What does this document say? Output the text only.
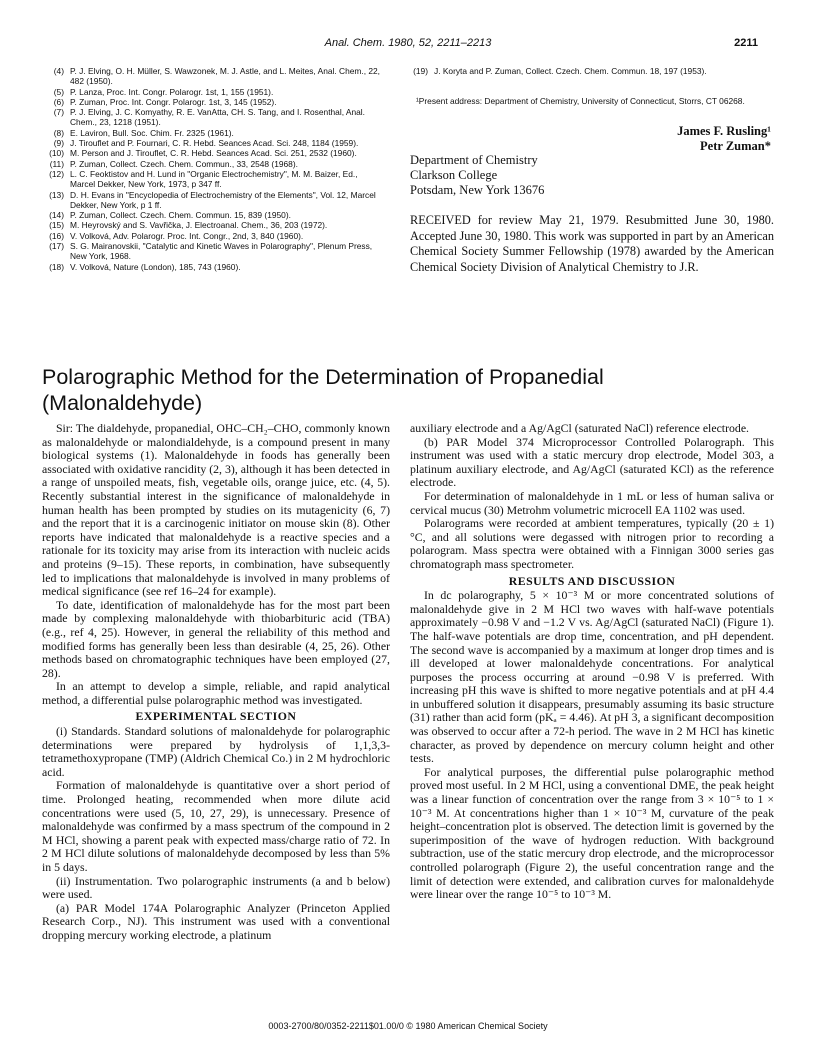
Anal. Chem. 1980, 52, 2211–2213	2211
(4) P. J. Elving, O. H. Müller, S. Wawzonek, M. J. Astle, and L. Meites, Anal. Chem., 22, 482 (1950).
(5) P. Lanza, Proc. Int. Congr. Polarogr. 1st, 1, 155 (1951).
(6) P. Zuman, Proc. Int. Congr. Polarogr. 1st, 3, 145 (1952).
(7) P. J. Elving, J. C. Komyathy, R. E. VanAtta, CH. S. Tang, and I. Rosenthal, Anal. Chem., 23, 1218 (1951).
(8) E. Laviron, Bull. Soc. Chim. Fr. 2325 (1961).
(9) J. Tirouflet and P. Fournari, C. R. Hebd. Seances Acad. Sci. 248, 1184 (1959).
(10) M. Person and J. Tirouflet, C. R. Hebd. Seances Acad. Sci. 251, 2532 (1960).
(11) P. Zuman, Collect. Czech. Chem. Commun., 33, 2548 (1968).
(12) L. C. Feoktistov and H. Lund in "Organic Electrochemistry", M. M. Baizer, Ed., Marcel Dekker, New York, 1973, p 347 ff.
(13) D. H. Evans in "Encyclopedia of Electrochemistry of the Elements", Vol. 12, Marcel Dekker, New York, p 1 ff.
(14) P. Zuman, Collect. Czech. Chem. Commun. 15, 839 (1950).
(15) M. Heyrovský and S. Vavřička, J. Electroanal. Chem., 36, 203 (1972).
(16) V. Volková, Adv. Polarogr. Proc. Int. Congr., 2nd, 3, 840 (1960).
(17) S. G. Mairanovskii, "Catalytic and Kinetic Waves in Polarography", Plenum Press, New York, 1968.
(18) V. Volková, Nature (London), 185, 743 (1960).
(19) J. Koryta and P. Zuman, Collect. Czech. Chem. Commun. 18, 197 (1953).
¹Present address: Department of Chemistry, University of Connecticut, Storrs, CT 06268.
James F. Rusling¹
Petr Zuman*
Department of Chemistry
Clarkson College
Potsdam, New York 13676
RECEIVED for review May 21, 1979. Resubmitted June 30, 1980. Accepted June 30, 1980. This work was supported in part by an American Chemical Society Summer Fellowship (1978) awarded by the American Chemical Society Division of Analytical Chemistry to J.R.
Polarographic Method for the Determination of Propanedial
(Malonaldehyde)

Sir: The dialdehyde, propanedial, OHC–CH₂–CHO, commonly known as malonaldehyde or malondialdehyde, is a compound present in many biological systems (1). Malonaldehyde in foods has generally been associated with oxidative rancidity (2, 3), although it has been detected in a range of unspoiled meats, fish, vegetable oils, orange juice, etc. (4, 5). Recently substantial interest in the significance of malonaldehyde in human health has been prompted by studies on its mutagenicity (6, 7) and the report that it is a carcinogenic initiator on mouse skin (8). Other reports have indicated that malonaldehyde is a reactive species and a rationale for its toxicity may arise from its interaction with nucleic acids and proteins (9–15). These reports, in combination, have subsequently led to implications that malonaldehyde is involved in many problems of medical significance (see ref 16–24 for example).

To date, identification of malonaldehyde has for the most part been made by complexing malonaldehyde with thiobarbituric acid (TBA) (e.g., ref 4, 25). However, in general the reliability of this method and modified forms has generally been less than desirable (4, 25, 26). Other methods based on chromatographic techniques have been employed (27, 28).

In an attempt to develop a simple, reliable, and rapid analytical method, a differential pulse polarographic method was investigated.

EXPERIMENTAL SECTION

(i) Standards. Standard solutions of malonaldehyde for polarographic determinations were prepared by hydrolysis of 1,1,3,3-tetramethoxypropane (TMP) (Aldrich Chemical Co.) in 2 M hydrochloric acid.

Formation of malonaldehyde is quantitative over a short period of time. Prolonged heating, recommended when more dilute acid concentrations were used (5, 10, 27, 29), is unnecessary. Presence of malonaldehyde was confirmed by a mass spectrum of the compound in 2 M HCl, showing a parent peak with expected mass/charge ratio of 72. In 2 M HCl dilute solutions of malonaldehyde decomposed by less than 5% in 5 days.

(ii) Instrumentation. Two polarographic instruments (a and b below) were used.

(a) PAR Model 174A Polarographic Analyzer (Princeton Applied Research Corp., NJ). This instrument was used with a conventional dropping mercury working electrode, a platinum

auxiliary electrode and a Ag/AgCl (saturated NaCl) reference electrode.

(b) PAR Model 374 Microprocessor Controlled Polarograph. This instrument was used with a static mercury drop electrode, Model 303, a platinum auxiliary electrode, and Ag/AgCl (saturated KCl) as the reference electrode.

For determination of malonaldehyde in 1 mL or less of human saliva or cervical mucus (30) Metrohm volumetric microcell EA 1102 was used.

Polarograms were recorded at ambient temperatures, typically (20 ± 1) °C, and all solutions were degassed with nitrogen prior to recording a polarogram. Mass spectra were obtained with a Finnigan 3000 series gas chromatograph mass spectrometer.

RESULTS AND DISCUSSION

In dc polarography, 5 × 10⁻³ M or more concentrated solutions of malonaldehyde give in 2 M HCl two waves with half-wave potentials approximately −0.98 V and −1.2 V vs. Ag/AgCl (saturated NaCl) (Figure 1). The half-wave potentials are drop time, concentration, and pH dependent. The second wave is accompanied by a maximum at longer drop times and is ill developed at lower malonaldehyde concentrations. For analytical purposes the process occurring at around −0.98 V is preferred. With increasing pH this wave is shifted to more negative potentials and at pH 4.4 in unbuffered solution it disappears, presumably assuming its basic structure (31) rather than acid form (pKₐ = 4.46). At pH 3, a significant decomposition was observed to occur after a 72-h period. The wave in 2 M HCl has kinetic character, as proved by dependence on mercury column height and other tests.

For analytical purposes, the differential pulse polarographic method proved most useful. In 2 M HCl, using a conventional DME, the peak height was a linear function of concentration over the range from 3 × 10⁻⁵ to 1 × 10⁻³ M. At concentrations higher than 1 × 10⁻³ M, curvature of the peak height–concentration plot is observed. The detection limit is governed by the superimposition of the wave of hydrogen reduction. With background subtraction, use of the static mercury drop electrode, and the microprocessor controlled polarograph (Figure 2), the useful concentration range and the limit of detection were extended, and calibration curves for malonaldehyde were linear over the range 10⁻⁵ to 10⁻³ M.

0003-2700/80/0352-2211$01.00/0 © 1980 American Chemical Society
